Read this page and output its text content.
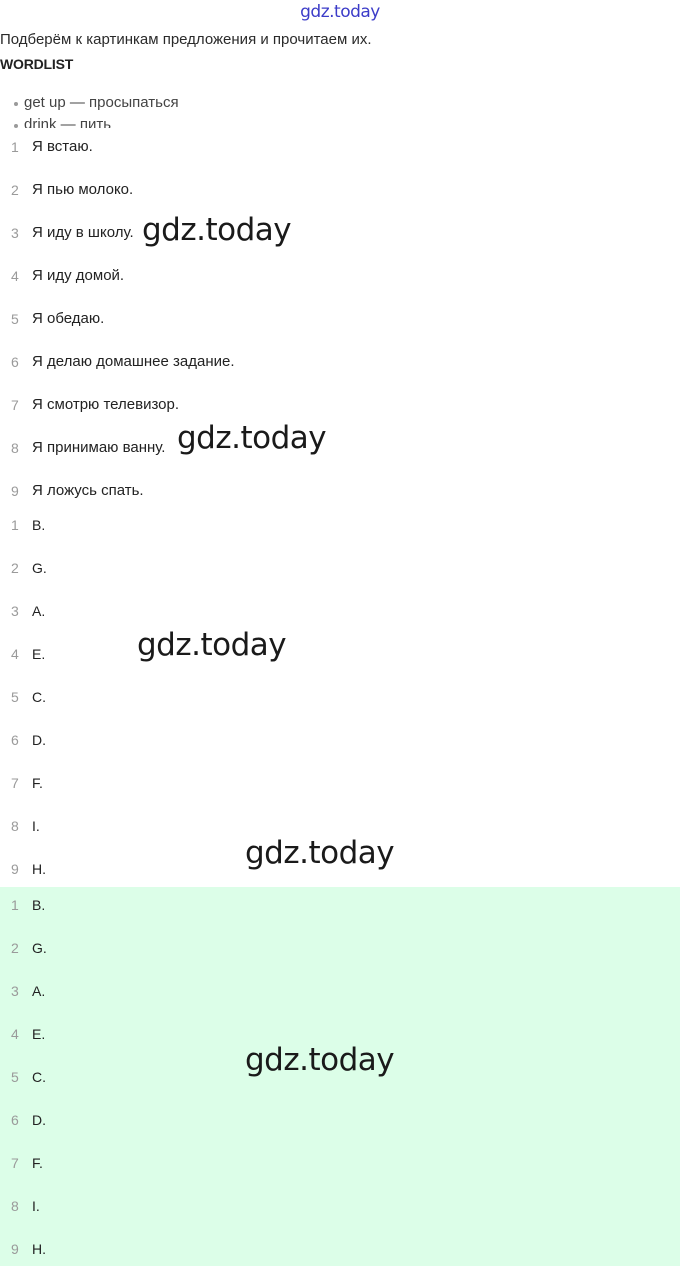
gdz.today
Подберём к картинкам предложения и прочитаем их.
WORDLIST
get up — просыпаться
drink — пить
1 Я встаю.
2 Я пью молоко.
3 Я иду в школу.
4 Я иду домой.
5 Я обедаю.
6 Я делаю домашнее задание.
7 Я смотрю телевизор.
8 Я принимаю ванну.
9 Я ложусь спать.
1 B.
2 G.
3 A.
4 E.
5 C.
6 D.
7 F.
8 I.
9 H.
1 B.
2 G.
3 A.
4 E.
5 C.
6 D.
7 F.
8 I.
9 H.
gdz.today
gdz.today
gdz.today
gdz.today
gdz.today
